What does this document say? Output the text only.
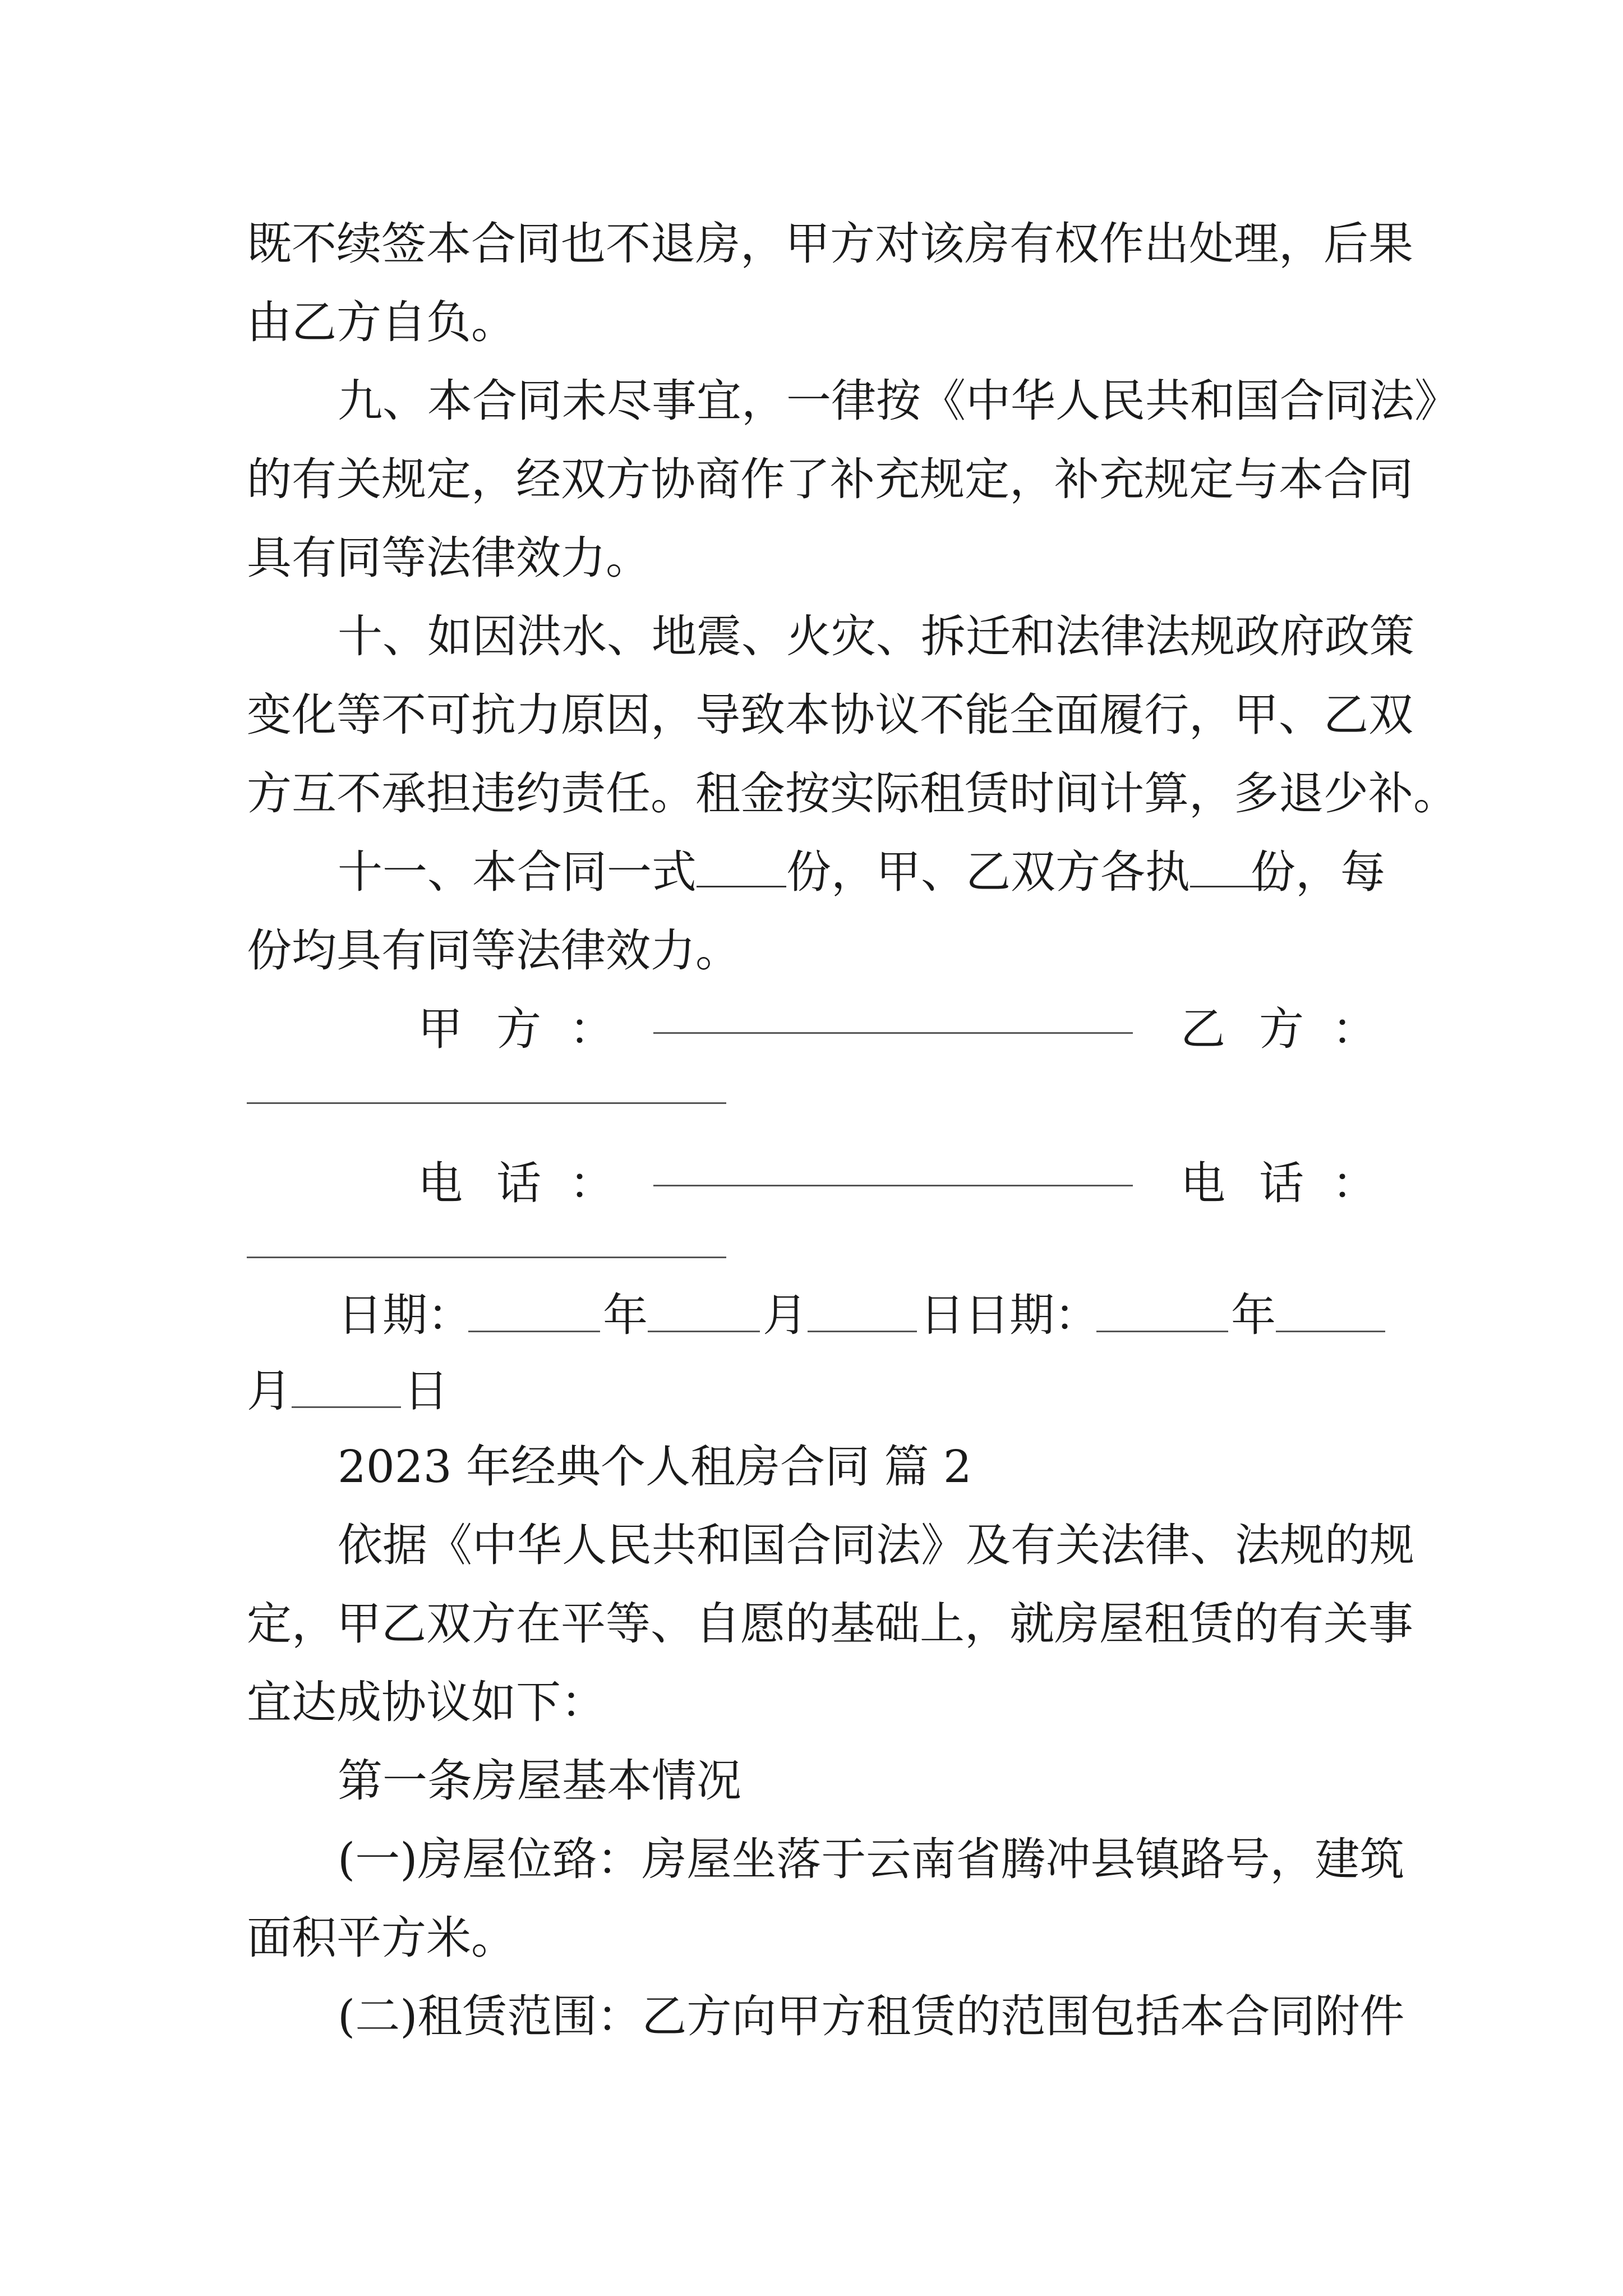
既不续签本合同也不退房，甲方对该房有权作出处理，后果
由乙方自负。
九、本合同未尽事宜，一律按《中华人民共和国合同法》
的有关规定，经双方协商作了补充规定，补充规定与本合同
具有同等法律效力。
十、如因洪水、地震、火灾、拆迁和法律法规政府政策
变化等不可抗力原因，导致本协议不能全面履行，甲、乙双
方互不承担违约责任。租金按实际租赁时间计算，多退少补。
十一、本合同一式 份，甲、乙双方各执 份，每
份均具有同等法律效力。
甲 方 ：	乙 方 ：
电 话 ：	电 话 ：
日期：	年	月	日 日期：	年
月	日
2023 年经典个人租房合同 篇 2
依据《中华人民共和国合同法》及有关法律、法规的规
定，甲乙双方在平等、自愿的基础上，就房屋租赁的有关事
宜达成协议如下：
第一条房屋基本情况
(一)房屋位臵：房屋坐落于云南省腾冲县镇路号，建筑
面积平方米。
(二)租赁范围：乙方向甲方租赁的范围包括本合同附件
